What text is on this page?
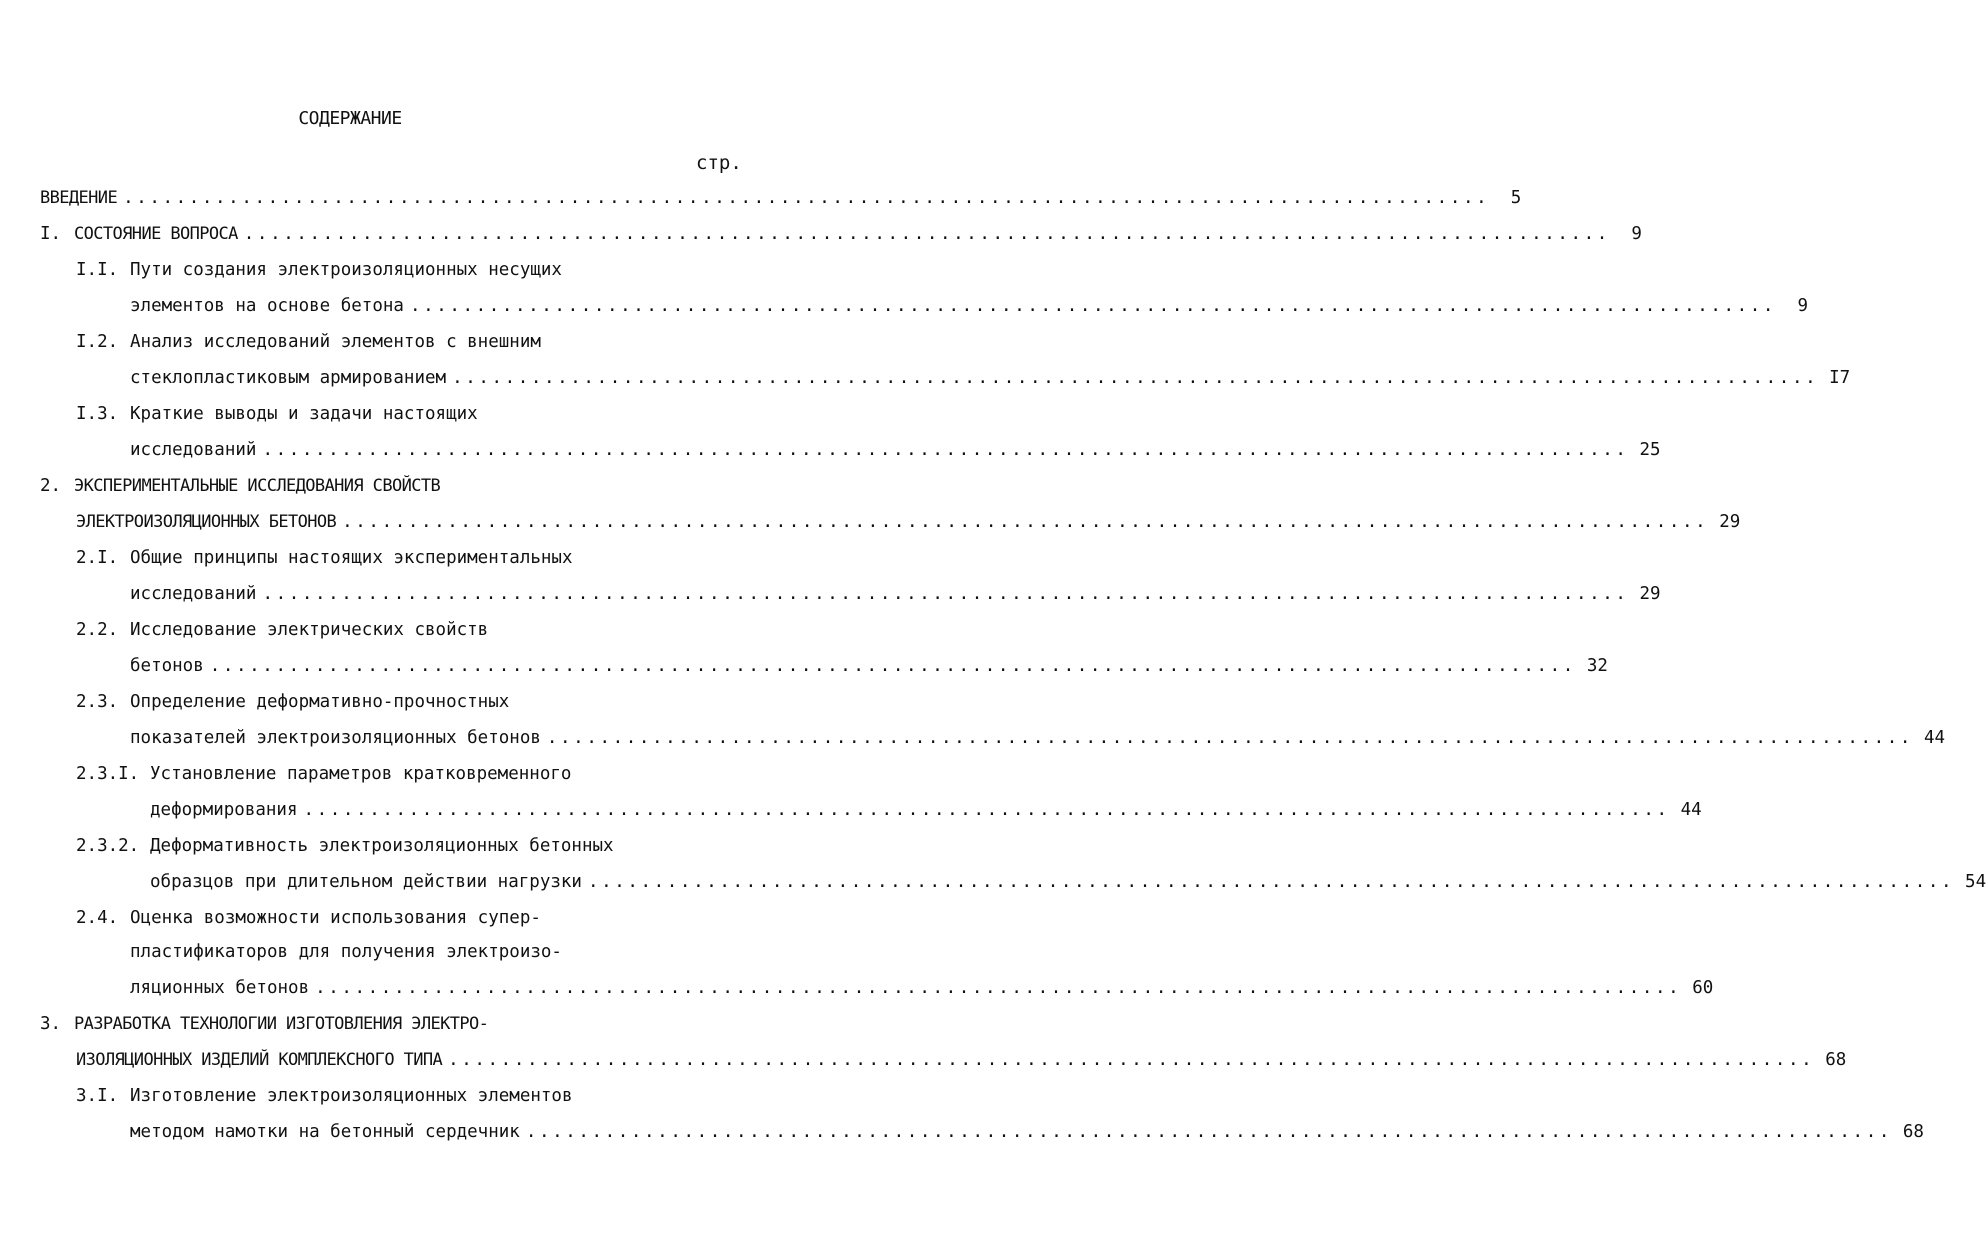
СОДЕРЖАНИЕ
стр.
ВВЕДЕНИЕ ........................................................................................................	5
I. СОСТОЯНИЕ ВОПРОСА ........................................................................................................	9
I.I. Пути создания электроизоляционных несущих
элементов на основе бетона ........................................................................................................	9
I.2. Анализ исследований элементов с внешним
стеклопластиковым армированием ........................................................................................................ I7
I.3. Краткие выводы и задачи настоящих
исследований ........................................................................................................ 25
2. ЭКСПЕРИМЕНТАЛЬНЫЕ ИССЛЕДОВАНИЯ СВОЙСТВ
ЭЛЕКТРОИЗОЛЯЦИОННЫХ БЕТОНОВ ........................................................................................................ 29
2.I. Общие принципы настоящих экспериментальных
исследований ........................................................................................................ 29
2.2. Исследование электрических свойств
бетонов ........................................................................................................ 32
2.3. Определение деформативно-прочностных
показателей электроизоляционных бетонов ........................................................................................................ 44
2.3.I. Установление параметров кратковременного
деформирования ........................................................................................................ 44
2.3.2. Деформативность электроизоляционных бетонных
образцов при длительном действии нагрузки ........................................................................................................ 54
2.4. Оценка возможности использования супер-
пластификаторов для получения электроизо-
ляционных бетонов ........................................................................................................ 60
3. РАЗРАБОТКА ТЕХНОЛОГИИ ИЗГОТОВЛЕНИЯ ЭЛЕКТРО-
ИЗОЛЯЦИОННЫХ ИЗДЕЛИЙ КОМПЛЕКСНОГО ТИПА ........................................................................................................ 68
3.I. Изготовление электроизоляционных элементов
методом намотки на бетонный сердечник ........................................................................................................ 68
